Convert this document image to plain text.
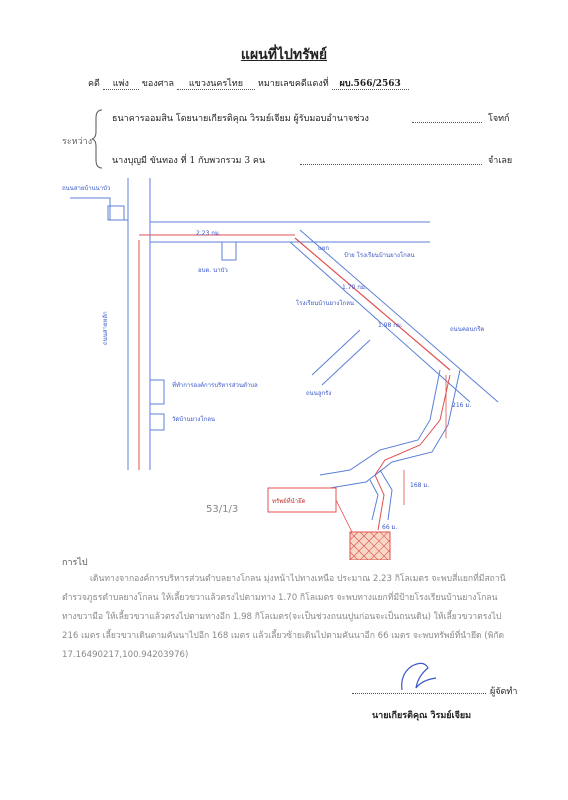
แผนที่ไปทรัพย์
คดี แพ่ง ของศาล แขวงนครไทย หมายเลขคดีแดงที่ ผบ.566/2563
ระหว่าง
ธนาคารออมสิน โดยนายเกียรติคุณ วิรมย์เจียม ผู้รับมอบอำนาจช่วง	โจทก์
นางบุญมี ขันทอง ที่ 1 กับพวกรวม 3 คน	จำเลย
ถนนสายบ้านนาบัว
2.23 กม.
อบต. นาบัว
แยก
ป้าย โรงเรียนบ้านยางโกลน
1.70 กม.
โรงเรียนบ้านยางโกลน
1.98 กม.
ถนนสายหลัก
ที่ทำการองค์การบริหารส่วนตำบล
วัดบ้านยางโกลน
ถนนคอนกรีต
ถนนลูกรัง
216 ม.
168 ม.
66 ม.
ทรัพย์ที่นำยึด
53/1/3
การไป
เดินทางจากองค์การบริหารส่วนตำบลยางโกลน มุ่งหน้าไปทางเหนือ ประมาณ 2.23 กิโลเมตร จะพบสี่แยกที่มีสถานีตำรวจภูธรตำบลยางโกลน ให้เลี้ยวขวาแล้วตรงไปตามทาง 1.70 กิโลเมตร จะพบทางแยกที่มีป้ายโรงเรียนบ้านยางโกลนทางขวามือ ให้เลี้ยวขวาแล้วตรงไปตามทางอีก 1.98 กิโลเมตร(จะเป็นช่วงถนนปูนก่อนจะเป็นถนนดิน) ให้เลี้ยวขวาตรงไป 216 เมตร เลี้ยวขวาเดินตามคันนาไปอีก 168 เมตร แล้วเลี้ยวซ้ายเดินไปตามคันนาอีก 66 เมตร จะพบทรัพย์ที่นำยึด (พิกัด 17.16490217,100.94203976)
ผู้จัดทำ
นายเกียรติคุณ วิรมย์เจียม
